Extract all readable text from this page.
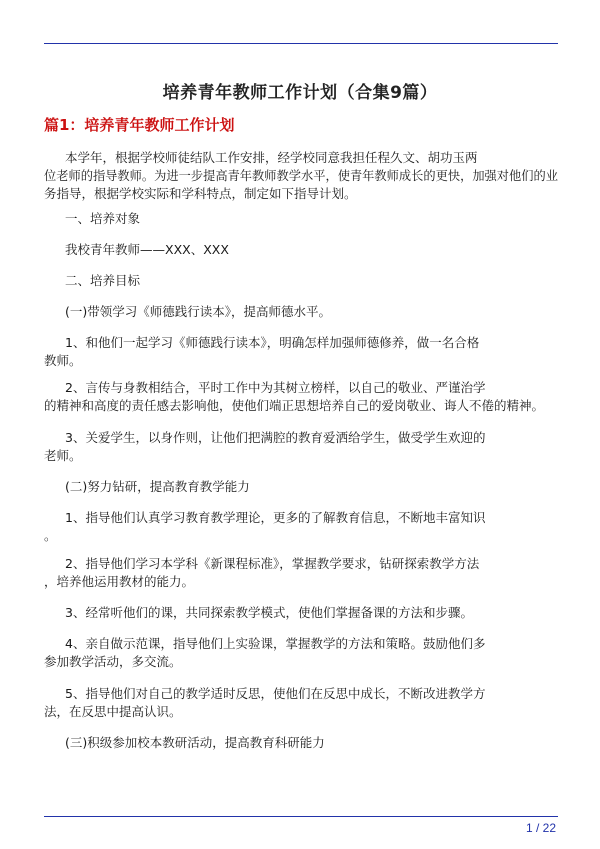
培养青年教师工作计划（合集9篇）
篇1：培养青年教师工作计划
本学年，根据学校师徒结队工作安排，经学校同意我担任程久文、胡功玉两
位老师的指导教师。为进一步提高青年教师教学水平，使青年教师成长的更快，加强对他们的业
务指导，根据学校实际和学科特点，制定如下指导计划。
一、培养对象
我校青年教师——XXX、XXX
二、培养目标
(一)带领学习《师德践行读本》，提高师德水平。
1、和他们一起学习《师德践行读本》，明确怎样加强师德修养，做一名合格
教师。
2、言传与身教相结合，平时工作中为其树立榜样，以自己的敬业、严谨治学
的精神和高度的责任感去影响他，使他们端正思想培养自己的爱岗敬业、诲人不倦的精神。
3、关爱学生，以身作则，让他们把满腔的教育爱洒给学生，做受学生欢迎的
老师。
(二)努力钻研，提高教育教学能力
1、指导他们认真学习教育教学理论，更多的了解教育信息，不断地丰富知识
。
2、指导他们学习本学科《新课程标准》，掌握教学要求，钻研探索教学方法
，培养他运用教材的能力。
3、经常听他们的课，共同探索教学模式，使他们掌握备课的方法和步骤。
4、亲自做示范课，指导他们上实验课，掌握教学的方法和策略。鼓励他们多
参加教学活动，多交流。
5、指导他们对自己的教学适时反思，使他们在反思中成长，不断改进教学方
法，在反思中提高认识。
(三)积级参加校本教研活动，提高教育科研能力
1 / 22
